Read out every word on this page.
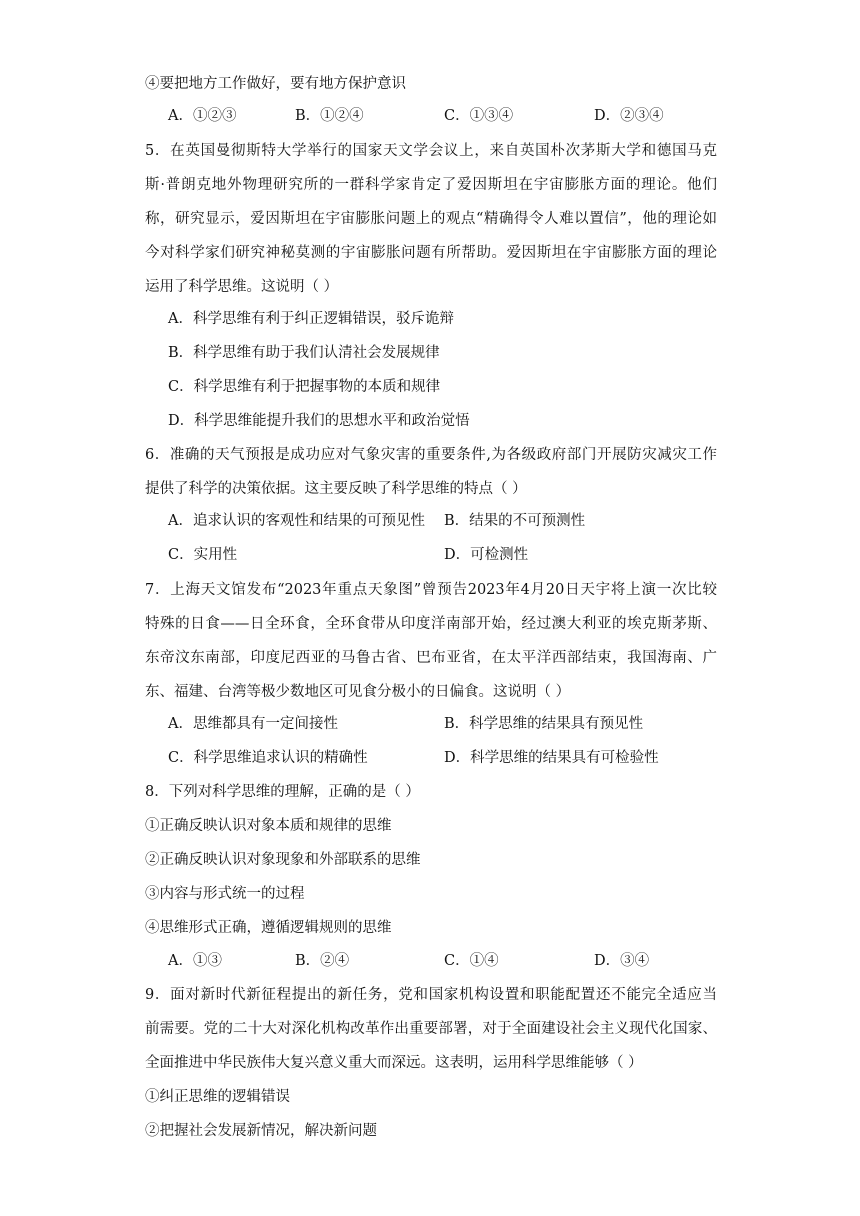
④要把地方工作做好，要有地方保护意识
A．①②③	B．①②④	C．①③④	D．②③④
5．在英国曼彻斯特大学举行的国家天文学会议上，来自英国朴次茅斯大学和德国马克
斯·普朗克地外物理研究所的一群科学家肯定了爱因斯坦在宇宙膨胀方面的理论。他们
称，研究显示，爱因斯坦在宇宙膨胀问题上的观点“精确得令人难以置信”，他的理论如
今对科学家们研究神秘莫测的宇宙膨胀问题有所帮助。爱因斯坦在宇宙膨胀方面的理论
运用了科学思维。这说明（ ）
A．科学思维有利于纠正逻辑错误，驳斥诡辩
B．科学思维有助于我们认清社会发展规律
C．科学思维有利于把握事物的本质和规律
D．科学思维能提升我们的思想水平和政治觉悟
6．准确的天气预报是成功应对气象灾害的重要条件,为各级政府部门开展防灾减灾工作
提供了科学的决策依据。这主要反映了科学思维的特点（ ）
A．追求认识的客观性和结果的可预见性 B．结果的不可预测性
C．实用性	D．可检测性
7．上海天文馆发布“2023年重点天象图”曾预告2023年4月20日天宇将上演一次比较
特殊的日食——日全环食，全环食带从印度洋南部开始，经过澳大利亚的埃克斯茅斯、
东帝汶东南部，印度尼西亚的马鲁古省、巴布亚省，在太平洋西部结束，我国海南、广
东、福建、台湾等极少数地区可见食分极小的日偏食。这说明（ ）
A．思维都具有一定间接性	B．科学思维的结果具有预见性
C．科学思维追求认识的精确性	D．科学思维的结果具有可检验性
8．下列对科学思维的理解，正确的是（ ）
①正确反映认识对象本质和规律的思维
②正确反映认识对象现象和外部联系的思维
③内容与形式统一的过程
④思维形式正确，遵循逻辑规则的思维
A．①③	B．②④	C．①④	D．③④
9．面对新时代新征程提出的新任务，党和国家机构设置和职能配置还不能完全适应当
前需要。党的二十大对深化机构改革作出重要部署，对于全面建设社会主义现代化国家、
全面推进中华民族伟大复兴意义重大而深远。这表明，运用科学思维能够（ ）
①纠正思维的逻辑错误
②把握社会发展新情况，解决新问题
